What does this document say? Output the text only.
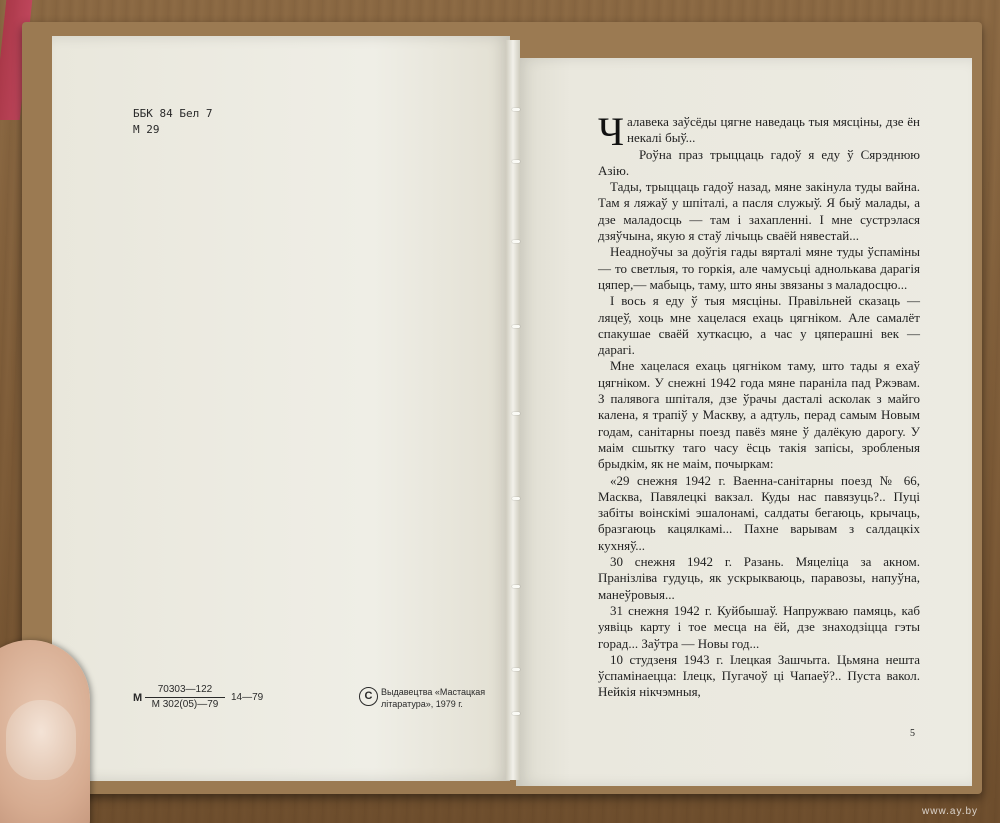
ББК 84 Бел 7
М 29
М
70303—122
М 302(05)—79
14—79	C Выдавецтва «Мастацкая
літаратура», 1979 г.

Чалавека заўсёды цягне наведаць тыя мясціны, дзе ён некалі быў...

Роўна праз трыццаць гадоў я еду ў Сярэднюю Азію.

Тады, трыццаць гадоў назад, мяне закінула туды вайна. Там я ляжаў у шпіталі, а пасля служыў. Я быў малады, а дзе маладосць — там і захапленні. І мне сустрэлася дзяўчына, якую я стаў лічыць сваёй нявестай...

Неадноўчы за доўгія гады вярталі мяне туды ўспаміны — то светлыя, то горкія, але чамусьці аднолькава дарагія цяпер,— мабыць, таму, што яны звязаны з маладосцю...

І вось я еду ў тыя мясціны. Правільней сказаць — ляцеў, хоць мне хацелася ехаць цягніком. Але самалёт спакушае сваёй хуткасцю, а час у цяперашні век — дарагі.

Мне хацелася ехаць цягніком таму, што тады я ехаў цягніком. У снежні 1942 года мяне параніла пад Ржэвам. З палявога шпіталя, дзе ўрачы дасталі асколак з майго калена, я трапіў у Маскву, а адтуль, перад самым Новым годам, санітарны поезд павёз мяне ў далёкую дарогу. У маім сшытку таго часу ёсць такія запісы, зробленыя брыдкім, як не маім, почыркам:

«29 снежня 1942 г. Ваенна-санітарны поезд № 66, Масква, Павялецкі вакзал. Куды нас павязуць?.. Пуці забіты воінскімі эшалонамі, салдаты бегаюць, крычаць, бразгаюць кацялкамі... Пахне варывам з салдацкіх кухняў...

30 снежня 1942 г. Разань. Мяцеліца за акном. Пранізліва гудуць, як ускрыкваюць, паравозы, напуўна, манеўровыя...

31 снежня 1942 г. Куйбышаў. Напружваю памяць, каб уявіць карту і тое месца на ёй, дзе знаходзіцца гэты горад... Заўтра — Новы год...

10 студзеня 1943 г. Ілецкая Зашчыта. Цьмяна нешта ўспамінаецца: Ілецк, Пугачоў ці Чапаеў?.. Пуста вакол. Нейкія нікчэмныя,

5
www.ay.by
